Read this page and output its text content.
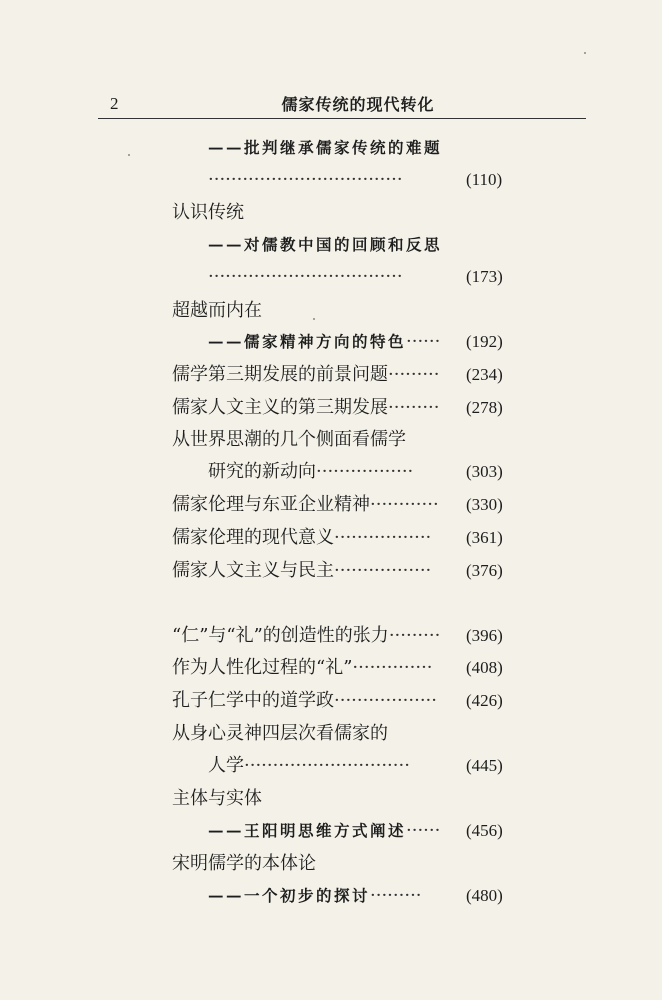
2	儒家传统的现代转化
——批判继承儒家传统的难题
··································	(110)
认识传统
——对儒教中国的回顾和反思
··································	(173)
超越而内在
——儒家精神方向的特色······ (192)
儒学第三期发展的前景问题········· (234)
儒家人文主义的第三期发展········· (278)
从世界思潮的几个侧面看儒学
研究的新动向·················	(303)
儒家伦理与东亚企业精神············ (330)
儒家伦理的现代意义················· (361)
儒家人文主义与民主················· (376)
“仁”与“礼”的创造性的张力········· (396)
作为人性化过程的“礼”·············· (408)
孔子仁学中的道学政·················· (426)
从身心灵神四层次看儒家的
人学·····························	(445)
主体与实体
——王阳明思维方式阐述······ (456)
宋明儒学的本体论
——一个初步的探讨·········	(480)
